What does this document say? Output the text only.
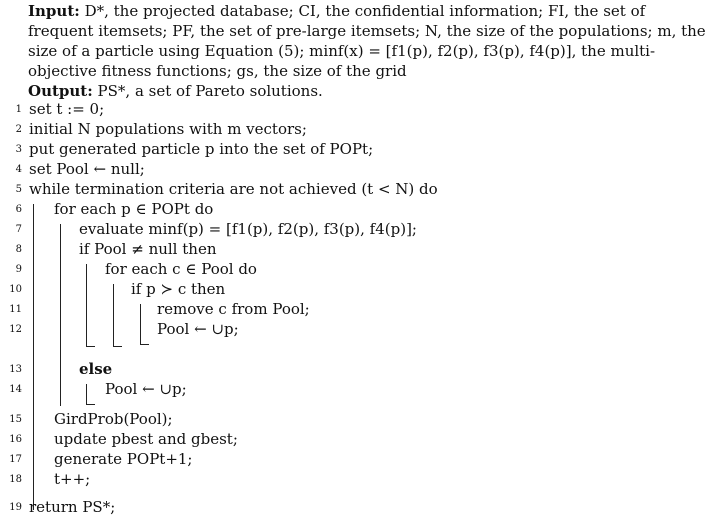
Input: D*, the projected database; CI, the confidential information; FI, the set of frequent itemsets; PF, the set of pre-large itemsets; N, the size of the populations; m, the size of a particle using Equation (5); minf(x) = [f1(p), f2(p), f3(p), f4(p)], the multi-objective fitness functions; gs, the size of the grid
Output: PS*, a set of Pareto solutions.
1 set t := 0;
2 initial N populations with m vectors;
3 put generated particle p into the set of POPt;
4 set Pool ← null;
5 while termination criteria are not achieved (t < N) do
6 for each p ∈ POPt do
7	evaluate minf(p) = [f1(p), f2(p), f3(p), f4(p)];
8	if Pool ≠ null then
9	for each c ∈ Pool do
10	if p ≻ c then
11	remove c from Pool;
12	Pool ← ∪p;
13	else
14	Pool ← ∪p;
15 GirdProb(Pool);
16 update pbest and gbest;
17 generate POPt+1;
18 t++;
19 return PS*;
